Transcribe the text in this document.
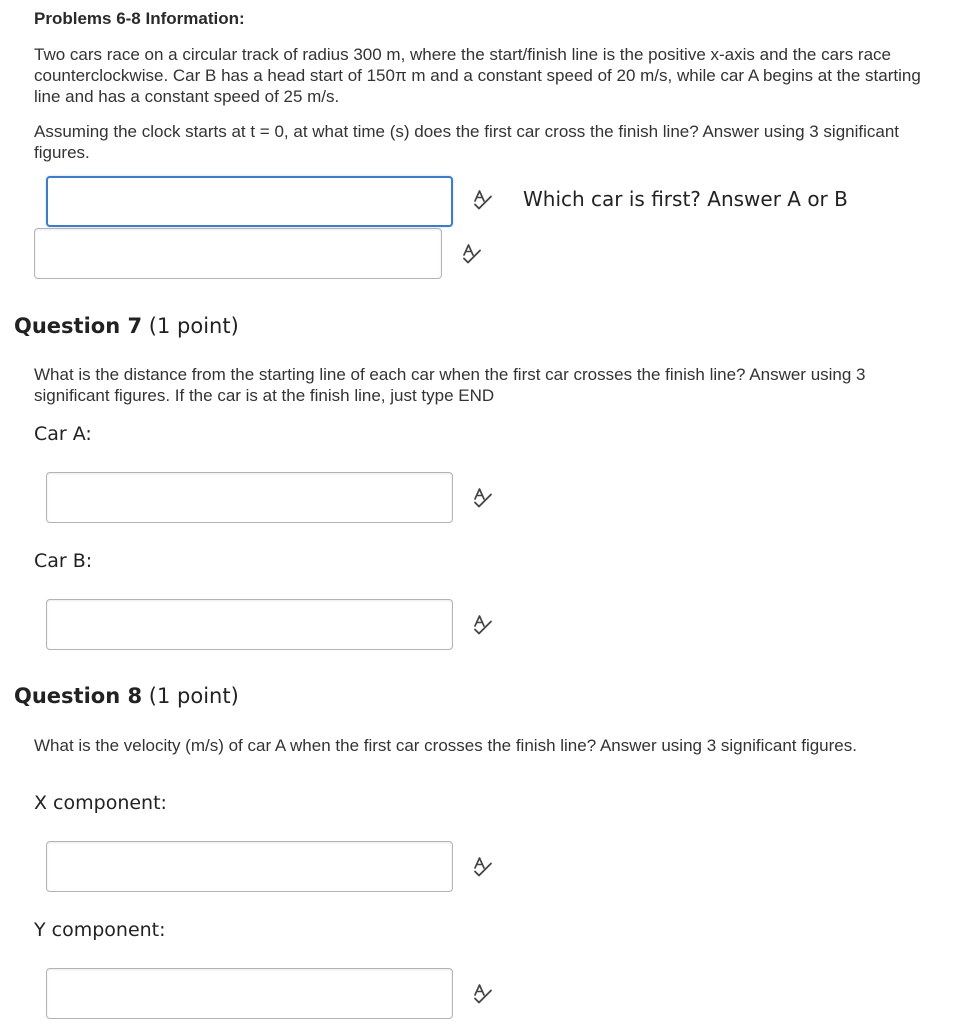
Problems 6-8 Information:
Two cars race on a circular track of radius 300 m, where the start/finish line is the positive x-axis and the cars race counterclockwise. Car B has a head start of 150π m and a constant speed of 20 m/s, while car A begins at the starting line and has a constant speed of 25 m/s.
Assuming the clock starts at t = 0, at what time (s) does the first car cross the finish line? Answer using 3 significant figures.
Which car is first? Answer A or B
Question 7 (1 point)
What is the distance from the starting line of each car when the first car crosses the finish line? Answer using 3 significant figures. If the car is at the finish line, just type END
Car A:
Car B:
Question 8 (1 point)
What is the velocity (m/s) of car A when the first car crosses the finish line? Answer using 3 significant figures.
X component:
Y component:
